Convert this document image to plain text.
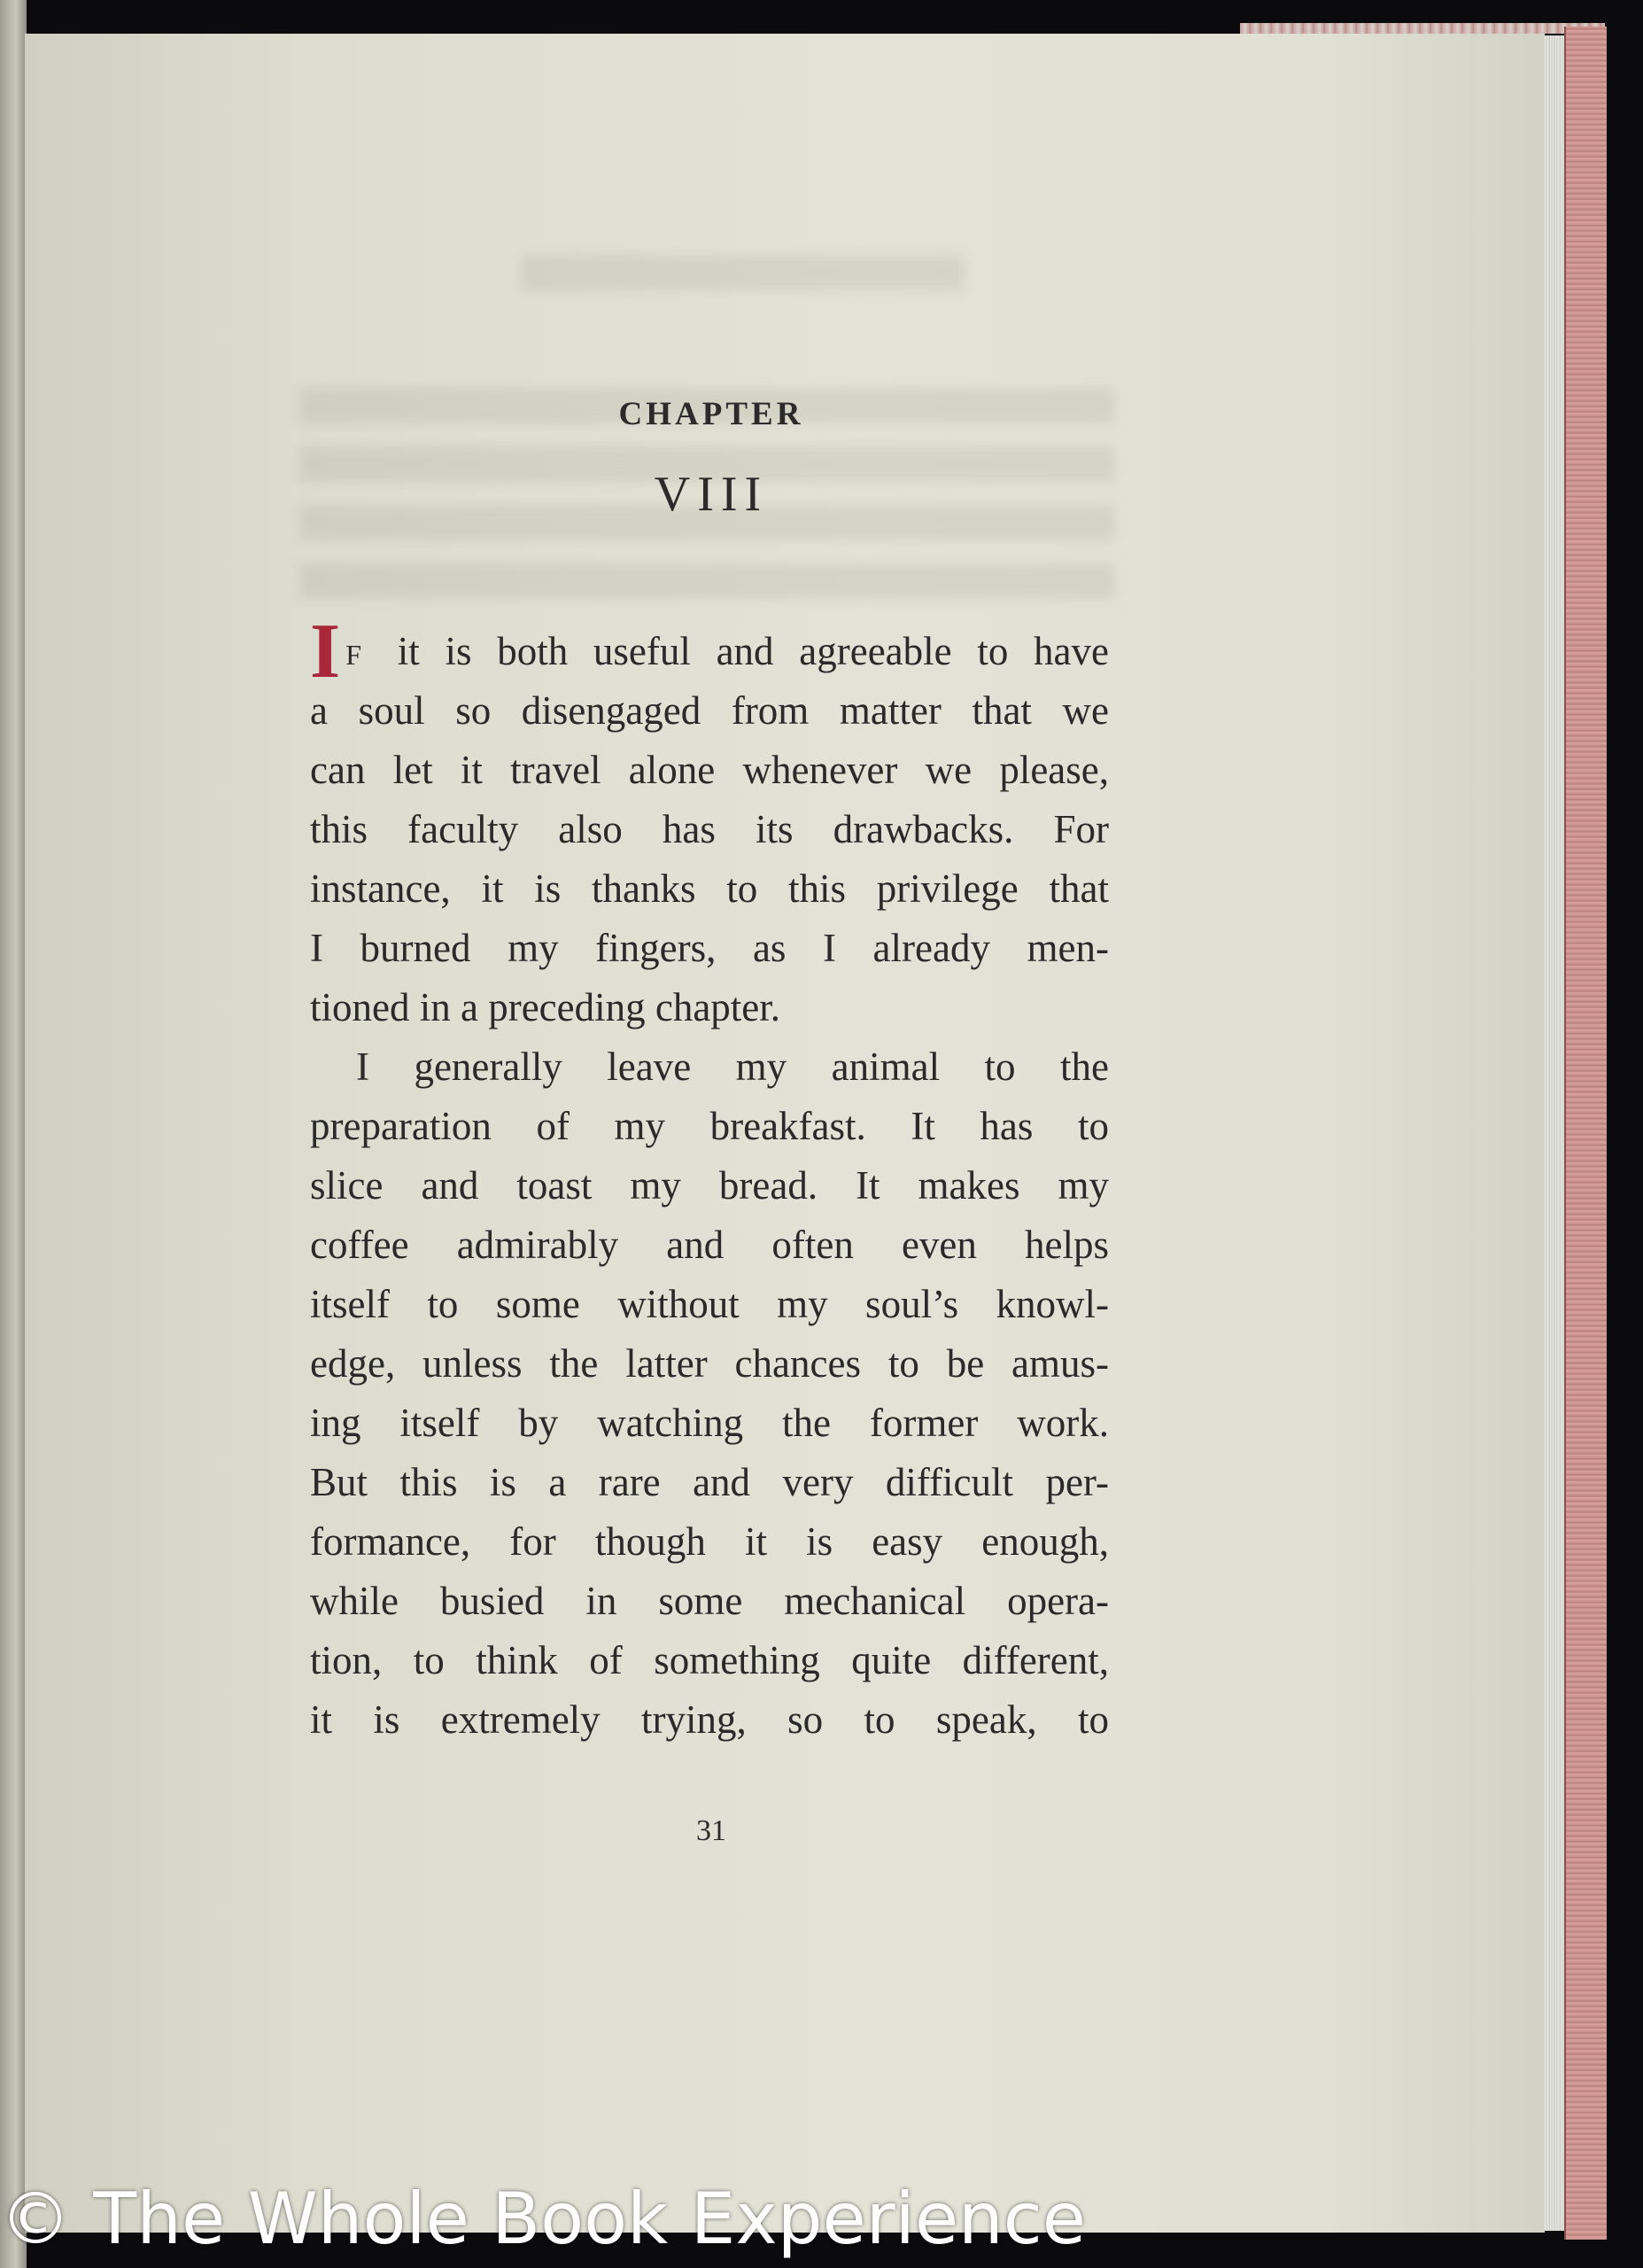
CHAPTER
VIII
I F it is both useful and agreeable to have
a soul so disengaged from matter that we
can let it travel alone whenever we please,
this faculty also has its drawbacks. For
instance, it is thanks to this privilege that
I burned my fingers, as I already men-
tioned in a preceding chapter.
I generally leave my animal to the
preparation of my breakfast. It has to
slice and toast my bread. It makes my
coffee admirably and often even helps
itself to some without my soul’s knowl-
edge, unless the latter chances to be amus-
ing itself by watching the former work.
But this is a rare and very difficult per-
formance, for though it is easy enough,
while busied in some mechanical opera-
tion, to think of something quite different,
it is extremely trying, so to speak, to
31
© The Whole Book Experience
